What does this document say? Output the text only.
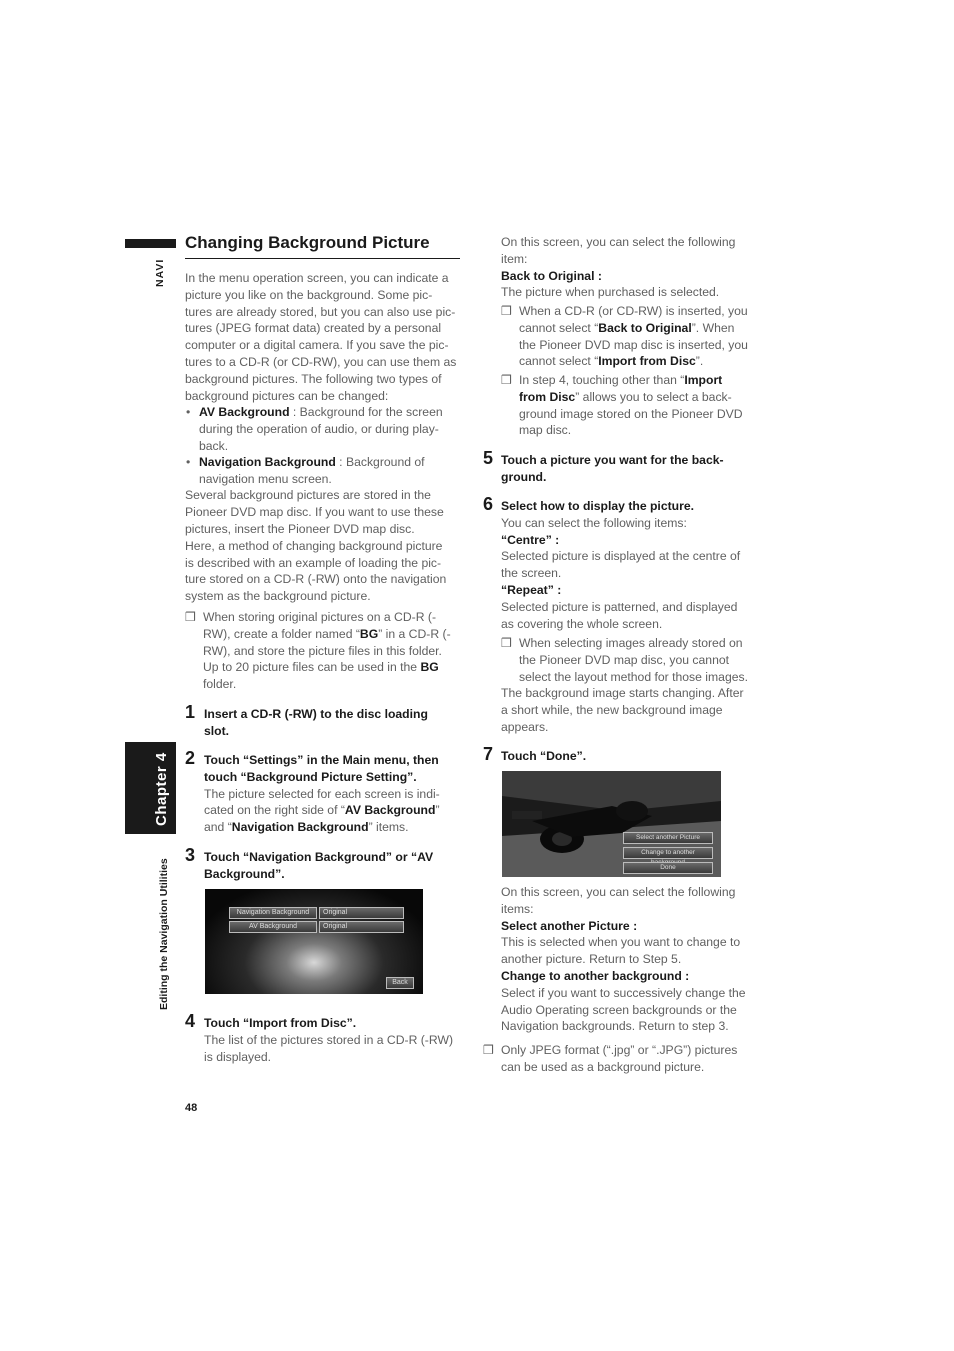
NAVI
Chapter 4
Editing the Navigation Utilities
Changing Background Picture
In the menu operation screen, you can indicate a
picture you like on the background. Some pic-
tures are already stored, but you can also use pic-
tures (JPEG format data) created by a personal
computer or a digital camera. If you save the pic-
tures to a CD-R (or CD-RW), you can use them as
background pictures. The following two types of
background pictures can be changed:
• AV Background : Background for the screen
during the operation of audio, or during play-
back.
• Navigation Background : Background of
navigation menu screen.
Several background pictures are stored in the
Pioneer DVD map disc. If you want to use these
pictures, insert the Pioneer DVD map disc.
Here, a method of changing background picture
is described with an example of loading the pic-
ture stored on a CD-R (-RW) onto the navigation
system as the background picture.
❒ When storing original pictures on a CD-R (-
RW), create a folder named “BG” in a CD-R (-
RW), and store the picture files in this folder.
Up to 20 picture files can be used in the BG
folder.
1 Insert a CD-R (-RW) to the disc loading
slot.
2 Touch “Settings” in the Main menu, then
touch “Background Picture Setting”.
The picture selected for each screen is indi-
cated on the right side of “AV Background”
and “Navigation Background” items.
3 Touch “Navigation Background” or “AV
Background”.
Navigation Background	Original
AV Background	Original
Back
4 Touch “Import from Disc”.
The list of the pictures stored in a CD-R (-RW)
is displayed.
48
On this screen, you can select the following
item:
Back to Original :
The picture when purchased is selected.
❒ When a CD-R (or CD-RW) is inserted, you
cannot select “Back to Original”. When
the Pioneer DVD map disc is inserted, you
cannot select “Import from Disc”.
❒ In step 4, touching other than “Import
from Disc” allows you to select a back-
ground image stored on the Pioneer DVD
map disc.
5 Touch a picture you want for the back-
ground.
6 Select how to display the picture.
You can select the following items:
“Centre” :
Selected picture is displayed at the centre of
the screen.
“Repeat” :
Selected picture is patterned, and displayed
as covering the whole screen.
❒ When selecting images already stored on
the Pioneer DVD map disc, you cannot
select the layout method for those images.
The background image starts changing. After
a short while, the new background image
appears.
7 Touch “Done”.
Select another Picture
Change to another
Done
On this screen, you can select the following
items:
Select another Picture :
This is selected when you want to change to
another picture. Return to Step 5.
Change to another background :
Select if you want to successively change the
Audio Operating screen backgrounds or the
Navigation backgrounds. Return to step 3.
❒ Only JPEG format (“.jpg” or “.JPG”) pictures
can be used as a background picture.
